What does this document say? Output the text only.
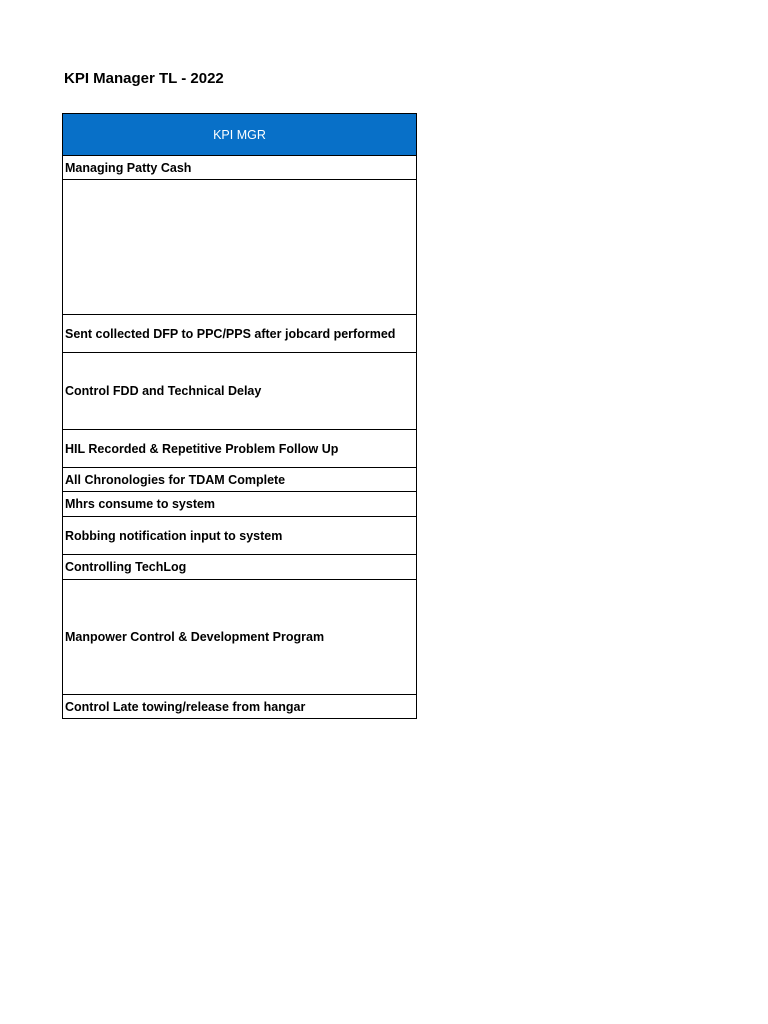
KPI Manager TL - 2022
KPI MGR
Managing Patty Cash

Sent collected DFP to PPC/PPS after jobcard performed
Control FDD and Technical Delay
HIL Recorded & Repetitive Problem Follow Up
All Chronologies for TDAM Complete
Mhrs consume to system
Robbing notification input to system
Controlling TechLog
Manpower Control & Development Program
Control Late towing/release from hangar
